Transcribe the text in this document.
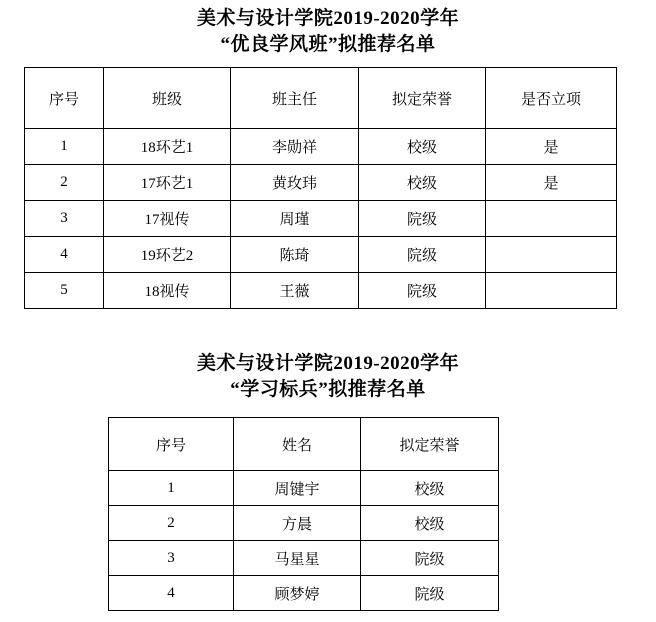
美术与设计学院2019-2020学年
“优良学风班”拟推荐名单
序号	班级	班主任	拟定荣誉	是否立项
1	18环艺1	李勋祥	校级	是
2	17环艺1	黄玫玮	校级	是
3	17视传	周瑾	院级	
4	19环艺2	陈琦	院级	
5	18视传	王薇	院级	
美术与设计学院2019-2020学年
“学习标兵”拟推荐名单
序号	姓名	拟定荣誉
1	周键宇	校级
2	方晨	校级
3	马星星	院级
4	顾梦婷	院级
